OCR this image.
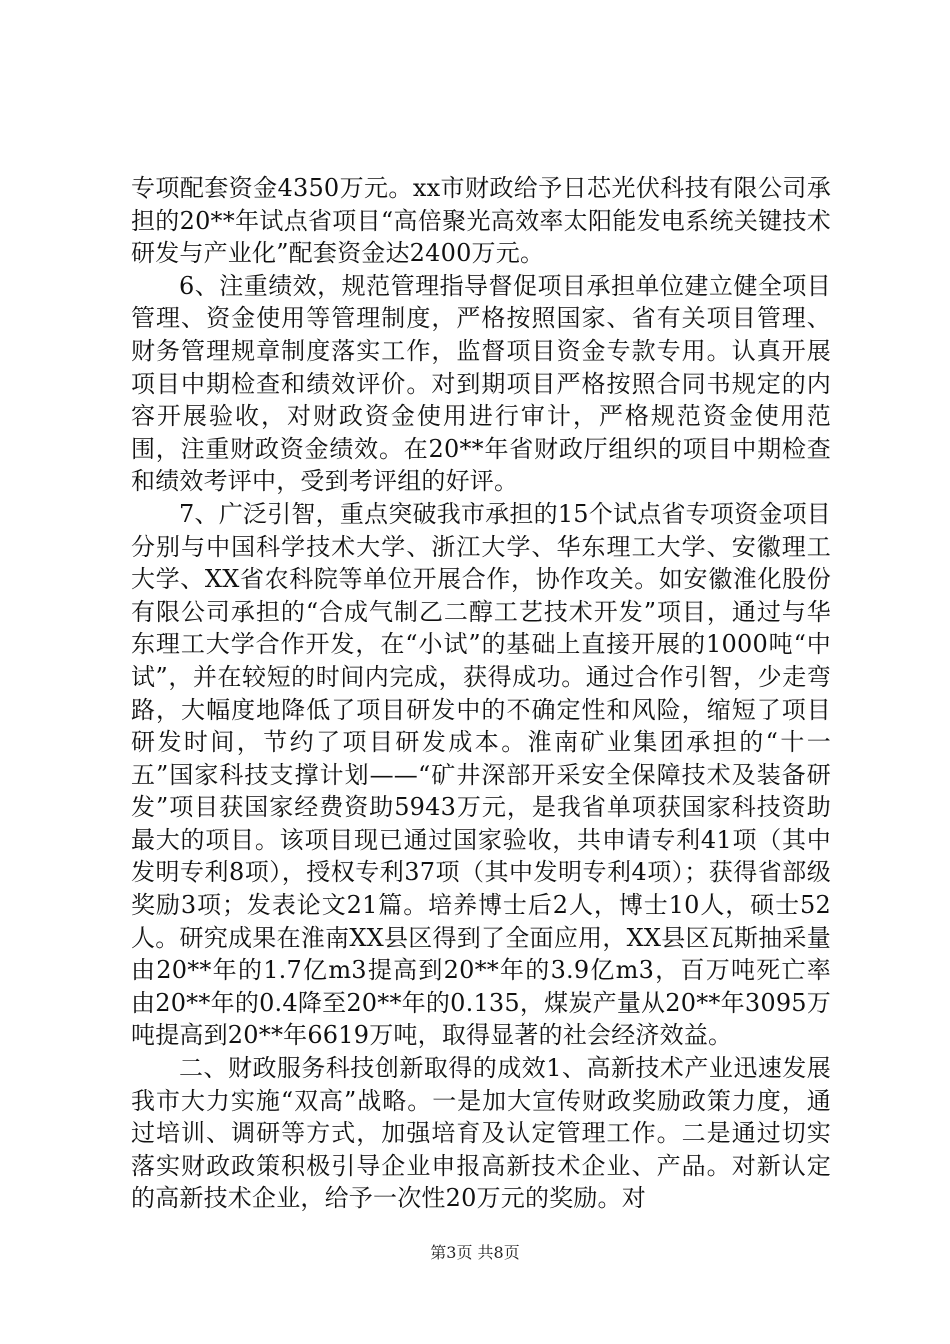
专项配套资金4350万元。xx市财政给予日芯光伏科技有限公司承担的20**年试点省项目“高倍聚光高效率太阳能发电系统关键技术研发与产业化”配套资金达2400万元。

6、注重绩效，规范管理指导督促项目承担单位建立健全项目管理、资金使用等管理制度，严格按照国家、省有关项目管理、财务管理规章制度落实工作，监督项目资金专款专用。认真开展项目中期检查和绩效评价。对到期项目严格按照合同书规定的内容开展验收，对财政资金使用进行审计，严格规范资金使用范围，注重财政资金绩效。在20**年省财政厅组织的项目中期检查和绩效考评中，受到考评组的好评。

7、广泛引智，重点突破我市承担的15个试点省专项资金项目分别与中国科学技术大学、浙江大学、华东理工大学、安徽理工大学、XX省农科院等单位开展合作，协作攻关。如安徽淮化股份有限公司承担的“合成气制乙二醇工艺技术开发”项目，通过与华东理工大学合作开发，在“小试”的基础上直接开展的1000吨“中试”，并在较短的时间内完成，获得成功。通过合作引智，少走弯路，大幅度地降低了项目研发中的不确定性和风险，缩短了项目研发时间，节约了项目研发成本。淮南矿业集团承担的“十一五”国家科技支撑计划——“矿井深部开采安全保障技术及装备研发”项目获国家经费资助5943万元，是我省单项获国家科技资助最大的项目。该项目现已通过国家验收，共申请专利41项（其中发明专利8项），授权专利37项（其中发明专利4项）；获得省部级奖励3项；发表论文21篇。培养博士后2人，博士10人，硕士52人。研究成果在淮南XX县区得到了全面应用，XX县区瓦斯抽采量由20**年的1.7亿m3提高到20**年的3.9亿m3，百万吨死亡率由20**年的0.4降至20**年的0.135，煤炭产量从20**年3095万吨提高到20**年6619万吨，取得显著的社会经济效益。

二、财政服务科技创新取得的成效1、高新技术产业迅速发展我市大力实施“双高”战略。一是加大宣传财政奖励政策力度，通过培训、调研等方式，加强培育及认定管理工作。二是通过切实落实财政政策积极引导企业申报高新技术企业、产品。对新认定的高新技术企业，给予一次性20万元的奖励。对

第3页 共8页
